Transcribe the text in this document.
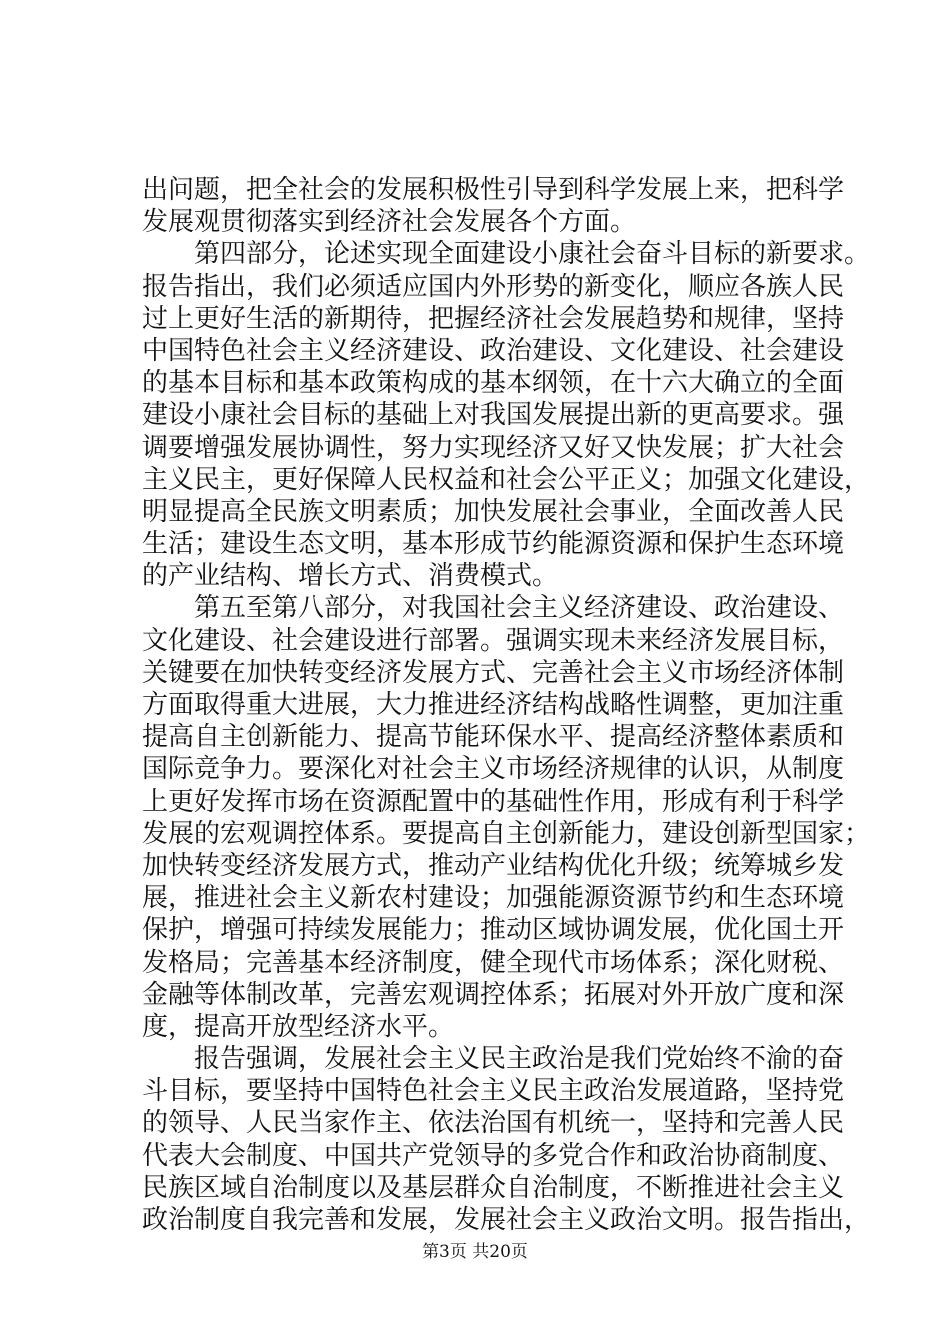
出问题，把全社会的发展积极性引导到科学发展上来，把科学
发展观贯彻落实到经济社会发展各个方面。
第四部分，论述实现全面建设小康社会奋斗目标的新要求。
报告指出，我们必须适应国内外形势的新变化，顺应各族人民
过上更好生活的新期待，把握经济社会发展趋势和规律，坚持
中国特色社会主义经济建设、政治建设、文化建设、社会建设
的基本目标和基本政策构成的基本纲领，在十六大确立的全面
建设小康社会目标的基础上对我国发展提出新的更高要求。强
调要增强发展协调性，努力实现经济又好又快发展；扩大社会
主义民主，更好保障人民权益和社会公平正义；加强文化建设，
明显提高全民族文明素质；加快发展社会事业，全面改善人民
生活；建设生态文明，基本形成节约能源资源和保护生态环境
的产业结构、增长方式、消费模式。
第五至第八部分，对我国社会主义经济建设、政治建设、
文化建设、社会建设进行部署。强调实现未来经济发展目标，
关键要在加快转变经济发展方式、完善社会主义市场经济体制
方面取得重大进展，大力推进经济结构战略性调整，更加注重
提高自主创新能力、提高节能环保水平、提高经济整体素质和
国际竞争力。要深化对社会主义市场经济规律的认识，从制度
上更好发挥市场在资源配置中的基础性作用，形成有利于科学
发展的宏观调控体系。要提高自主创新能力，建设创新型国家；
加快转变经济发展方式，推动产业结构优化升级；统筹城乡发
展，推进社会主义新农村建设；加强能源资源节约和生态环境
保护，增强可持续发展能力；推动区域协调发展，优化国土开
发格局；完善基本经济制度，健全现代市场体系；深化财税、
金融等体制改革，完善宏观调控体系；拓展对外开放广度和深
度，提高开放型经济水平。
报告强调，发展社会主义民主政治是我们党始终不渝的奋
斗目标，要坚持中国特色社会主义民主政治发展道路，坚持党
的领导、人民当家作主、依法治国有机统一，坚持和完善人民
代表大会制度、中国共产党领导的多党合作和政治协商制度、
民族区域自治制度以及基层群众自治制度，不断推进社会主义
政治制度自我完善和发展，发展社会主义政治文明。报告指出，
第3页 共20页
